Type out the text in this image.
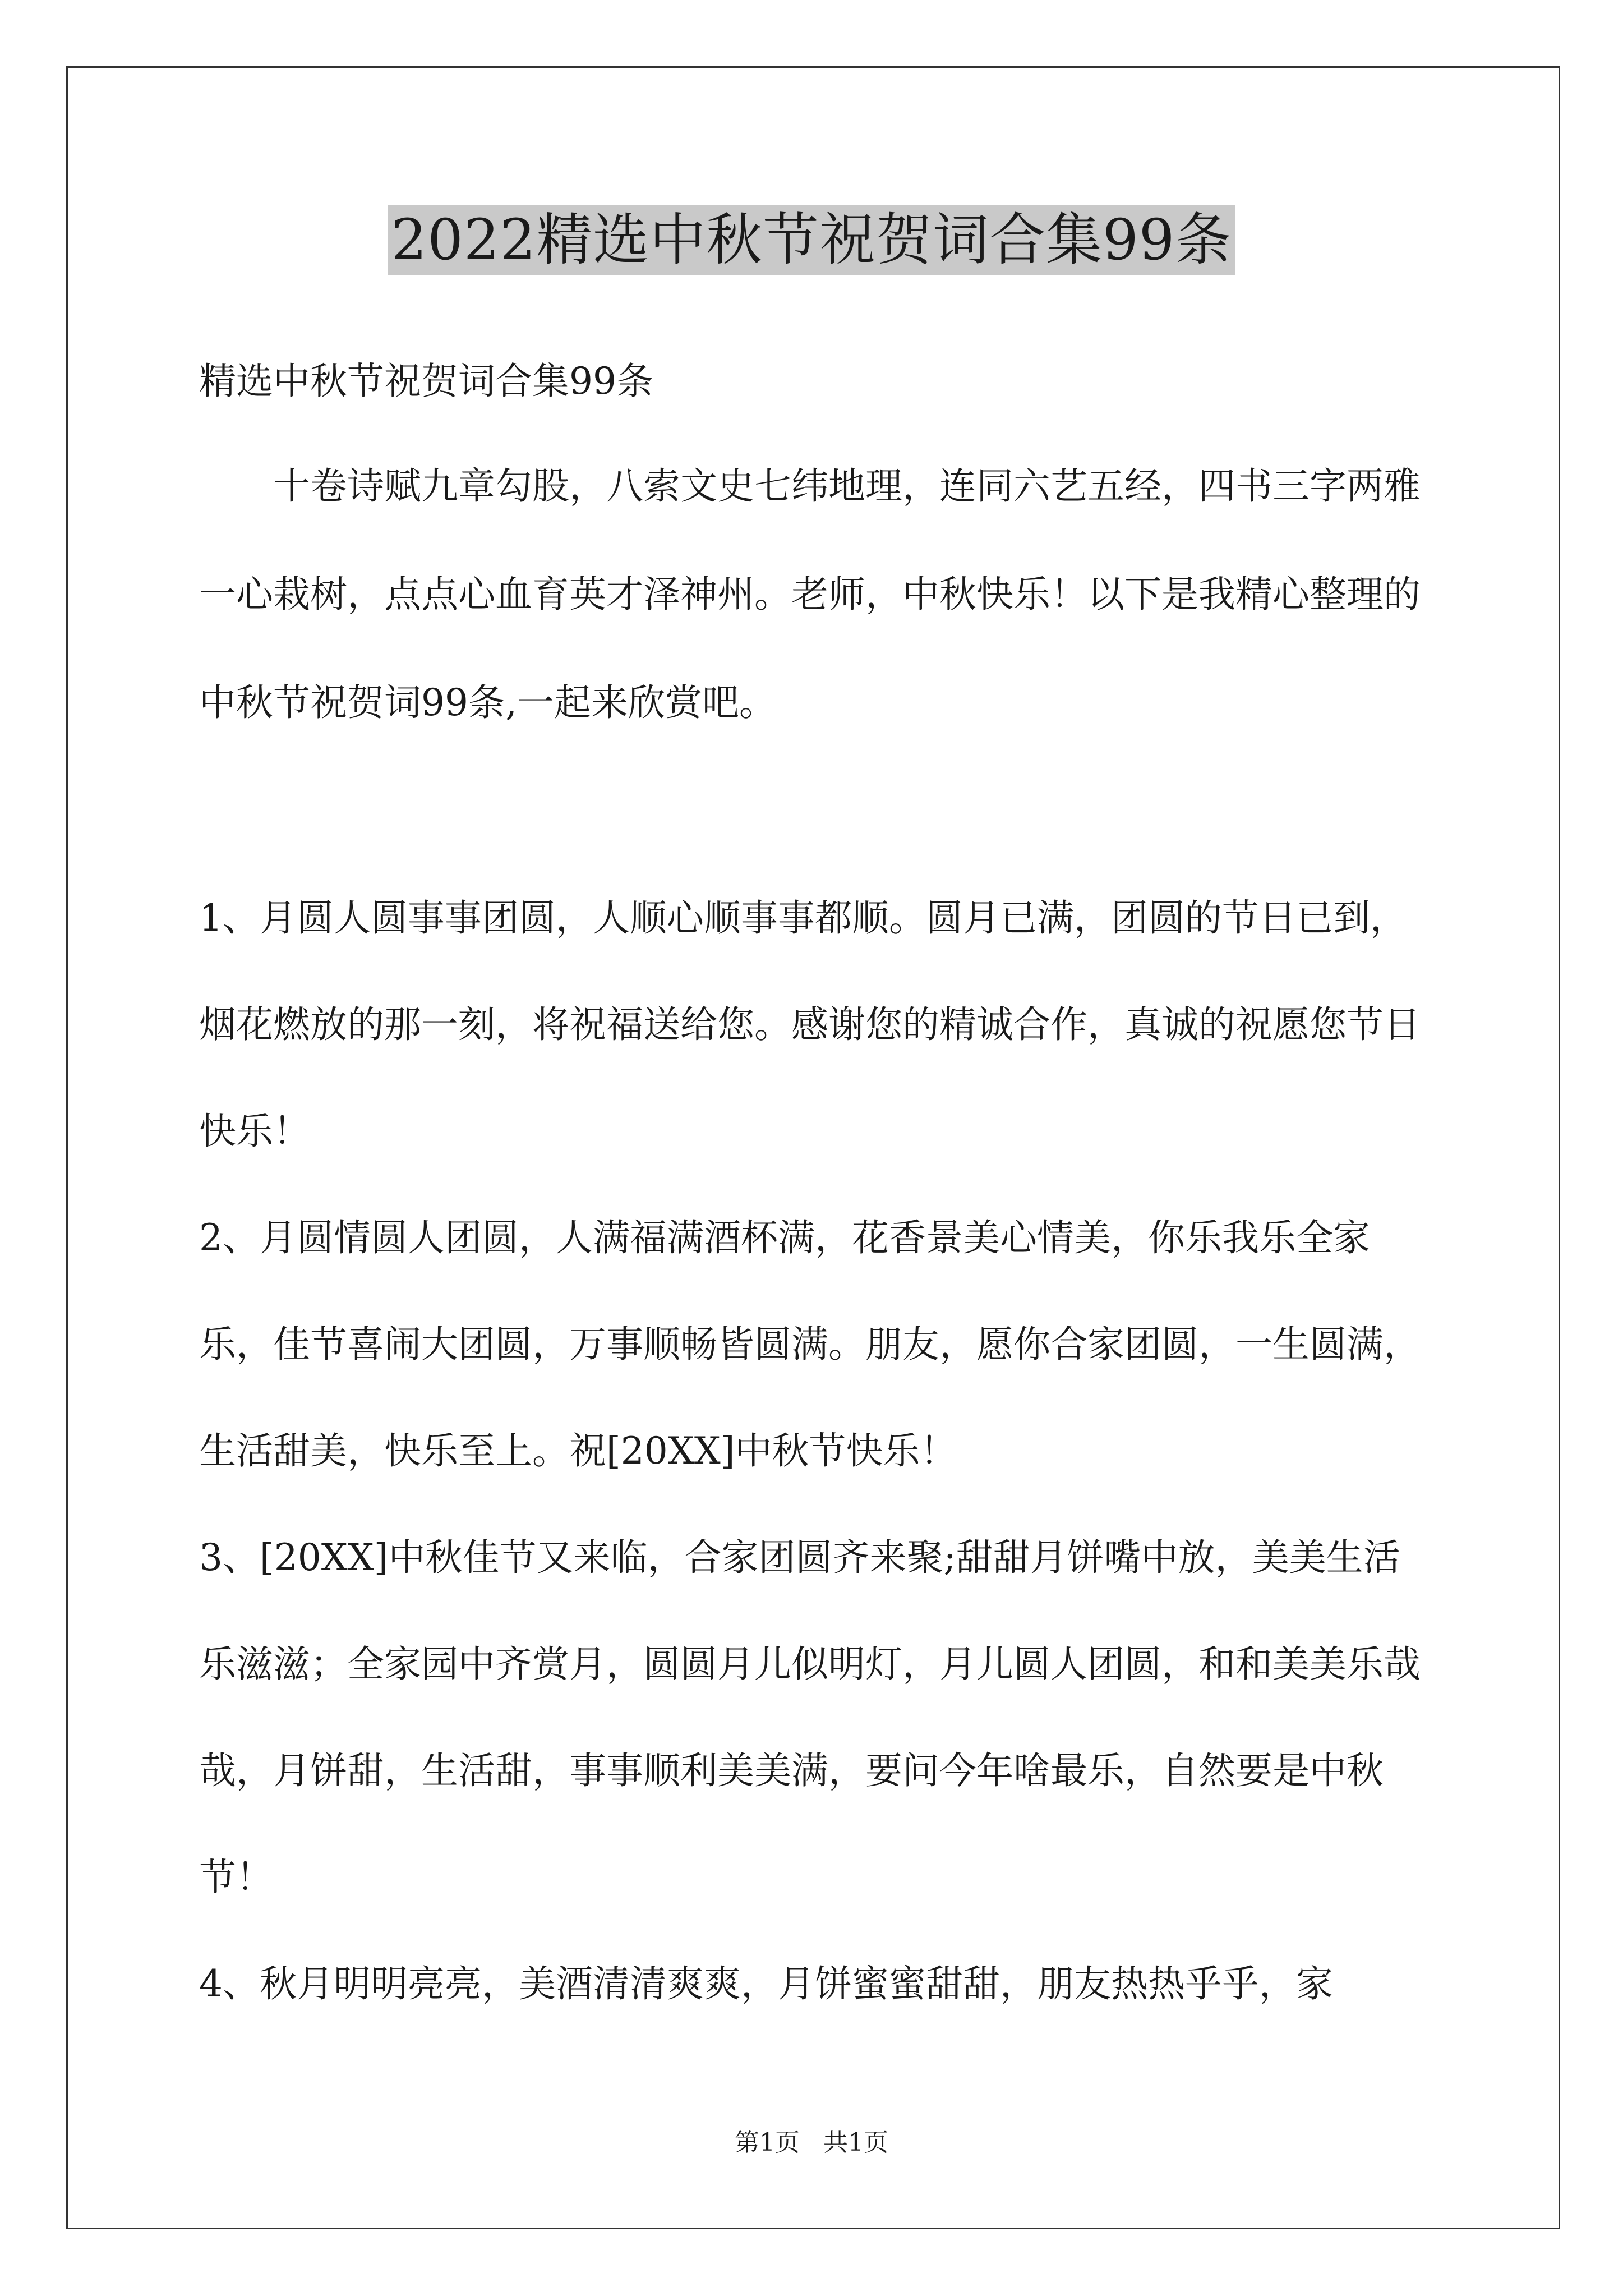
2022精选中秋节祝贺词合集99条

精选中秋节祝贺词合集99条

十卷诗赋九章勾股，八索文史七纬地理，连同六艺五经，四书三字两雅一心栽树，点点心血育英才泽神州。老师，中秋快乐！以下是我精心整理的中秋节祝贺词99条,一起来欣赏吧。

1、月圆人圆事事团圆，人顺心顺事事都顺。圆月已满，团圆的节日已到，烟花燃放的那一刻，将祝福送给您。感谢您的精诚合作，真诚的祝愿您节日快乐！

2、月圆情圆人团圆，人满福满酒杯满，花香景美心情美，你乐我乐全家乐，佳节喜闹大团圆，万事顺畅皆圆满。朋友，愿你合家团圆，一生圆满，生活甜美，快乐至上。祝[20XX]中秋节快乐！

3、[20XX]中秋佳节又来临，合家团圆齐来聚;甜甜月饼嘴中放，美美生活乐滋滋；全家园中齐赏月，圆圆月儿似明灯，月儿圆人团圆，和和美美乐哉哉，月饼甜，生活甜，事事顺利美美满，要问今年啥最乐，自然要是中秋节！

4、秋月明明亮亮，美酒清清爽爽，月饼蜜蜜甜甜，朋友热热乎乎，家

第1页   共1页
